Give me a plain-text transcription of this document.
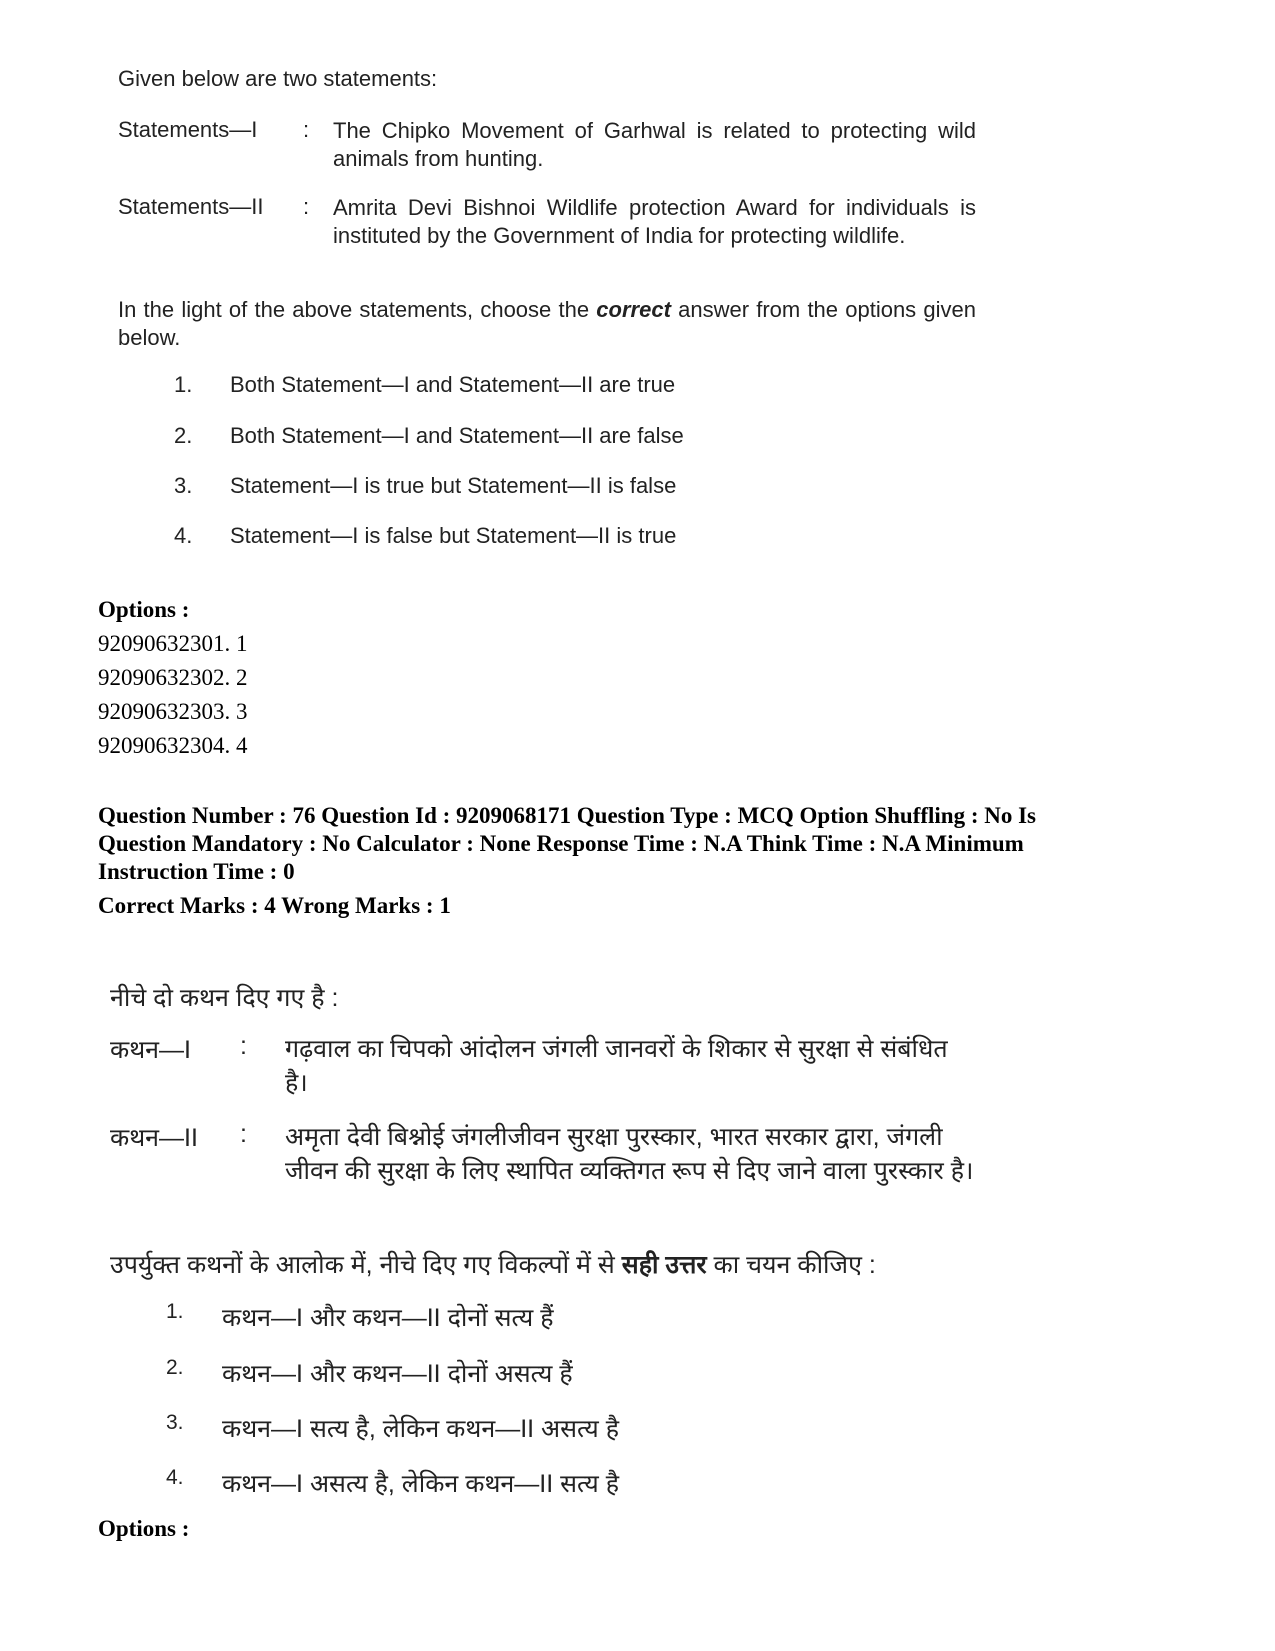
Given below are two statements:
Statements—I : The Chipko Movement of Garhwal is related to protecting wild animals from hunting.
Statements—II : Amrita Devi Bishnoi Wildlife protection Award for individuals is instituted by the Government of India for protecting wildlife.
In the light of the above statements, choose the correct answer from the options given below.
1. Both Statement—I and Statement—II are true
2. Both Statement—I and Statement—II are false
3. Statement—I is true but Statement—II is false
4. Statement—I is false but Statement—II is true
Options :
92090632301. 1
92090632302. 2
92090632303. 3
92090632304. 4
Question Number : 76 Question Id : 9209068171 Question Type : MCQ Option Shuffling : No Is
Question Mandatory : No Calculator : None Response Time : N.A Think Time : N.A Minimum
Instruction Time : 0
Correct Marks : 4 Wrong Marks : 1
नीचे दो कथन दिए गए है :
कथन—I : गढ़वाल का चिपको आंदोलन जंगली जानवरों के शिकार से सुरक्षा से संबंधित है।
कथन—II : अमृता देवी बिश्नोई जंगलीजीवन सुरक्षा पुरस्कार, भारत सरकार द्वारा, जंगली जीवन की सुरक्षा के लिए स्थापित व्यक्तिगत रूप से दिए जाने वाला पुरस्कार है।
उपर्युक्त कथनों के आलोक में, नीचे दिए गए विकल्पों में से सही उत्तर का चयन कीजिए :
1. कथन—I और कथन—II दोनों सत्य हैं
2. कथन—I और कथन—II दोनों असत्य हैं
3. कथन—I सत्य है, लेकिन कथन—II असत्य है
4. कथन—I असत्य है, लेकिन कथन—II सत्य है
Options :
